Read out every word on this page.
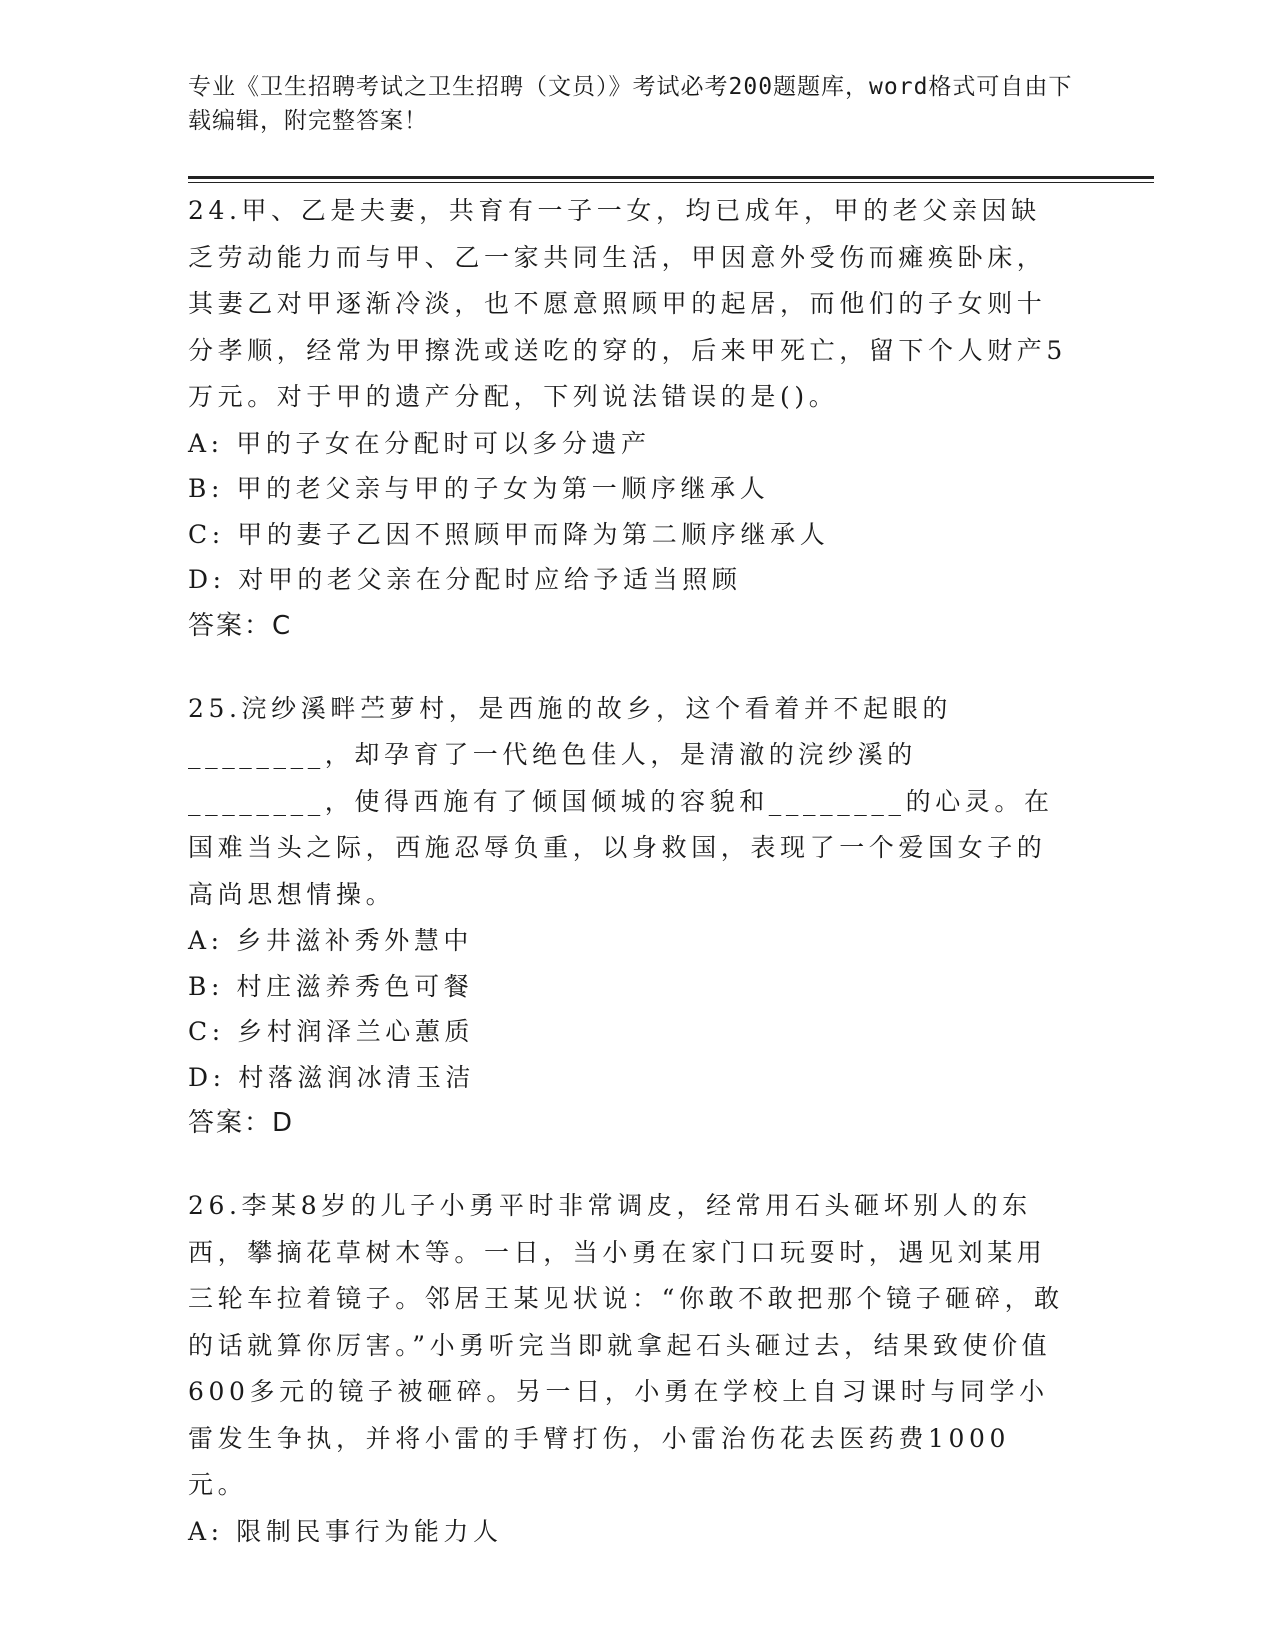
专业《卫生招聘考试之卫生招聘（文员）》考试必考200题题库，word格式可自由下载编辑，附完整答案！

24.甲、乙是夫妻，共育有一子一女，均已成年，甲的老父亲因缺乏劳动能力而与甲、乙一家共同生活，甲因意外受伤而瘫痪卧床，其妻乙对甲逐渐冷淡，也不愿意照顾甲的起居，而他们的子女则十分孝顺，经常为甲擦洗或送吃的穿的，后来甲死亡，留下个人财产5万元。对于甲的遗产分配，下列说法错误的是()。

A: 甲的子女在分配时可以多分遗产

B: 甲的老父亲与甲的子女为第一顺序继承人

C: 甲的妻子乙因不照顾甲而降为第二顺序继承人

D: 对甲的老父亲在分配时应给予适当照顾

答案：C

25.浣纱溪畔苎萝村，是西施的故乡，这个看着并不起眼的________，却孕育了一代绝色佳人，是清澈的浣纱溪的________，使得西施有了倾国倾城的容貌和________的心灵。在国难当头之际，西施忍辱负重，以身救国，表现了一个爱国女子的高尚思想情操。

A: 乡井滋补秀外慧中

B: 村庄滋养秀色可餐

C: 乡村润泽兰心蕙质

D: 村落滋润冰清玉洁

答案：D

26.李某8岁的儿子小勇平时非常调皮，经常用石头砸坏别人的东西，攀摘花草树木等。一日，当小勇在家门口玩耍时，遇见刘某用三轮车拉着镜子。邻居王某见状说：“你敢不敢把那个镜子砸碎，敢的话就算你厉害。”小勇听完当即就拿起石头砸过去，结果致使价值600多元的镜子被砸碎。另一日，小勇在学校上自习课时与同学小雷发生争执，并将小雷的手臂打伤，小雷治伤花去医药费1000元。

A: 限制民事行为能力人
